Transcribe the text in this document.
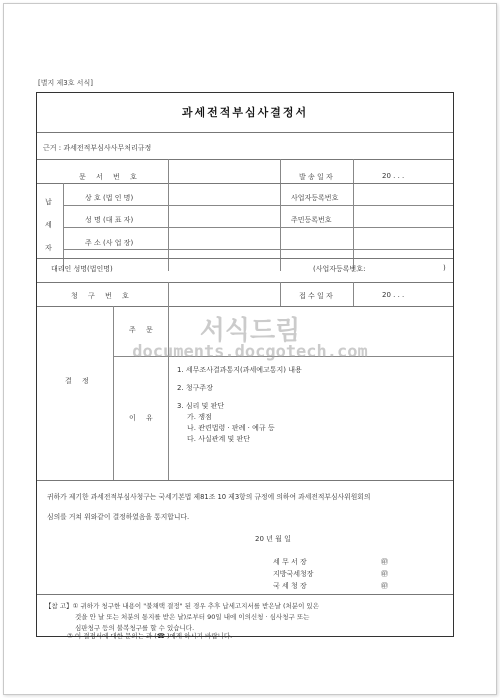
[별지 제3호 서식]
과세전적부심사결정서
근거 : 과세전적부심사사무처리규정
문 서 번 호	발 송 일 자	20 . . .
납
세
자
상 호 (법 인 명)	사업자등록번호
성 명 (대 표 자)	주민등록번호
주 소 (사 업 장)
대리인 성명(법인명)	(사업자등록번호:	)
청 구 번 호	접 수 일 자	20 . . .
결 정
주 문
이 유
1. 세무조사결과통지(과세예고통지) 내용
2. 청구주장
3. 심리 및 판단
가. 쟁점
나. 관련법령 · 판례 · 예규 등
다. 사실관계 및 판단
귀하가 제기한 과세전적부심사청구는 국세기본법 제81조 10 제3항의 규정에 의하여 과세전적부심사위원회의
심의를 거쳐 위와같이 결정하였음을 통지합니다.
20 년 월 일
세 무 서 장	㊞
지방국세청장	㊞
국 세 청 장	㊞
【참 고】① 귀하가 청구한 내용이 "불채택 결정" 된 경우 추후 납세고지서를 받은날 (처분이 있은
것을 안 날 또는 처분의 통지를 받은 날)로부터 90일 내에 이의신청 · 심사청구 또는
심판청구 등의 불복청구를 할 수 있습니다.
② 이 결정서에 대한 문의는 과 (☎ )에게 하시기 바랍니다.
서식드림
documents.docgotech.com
